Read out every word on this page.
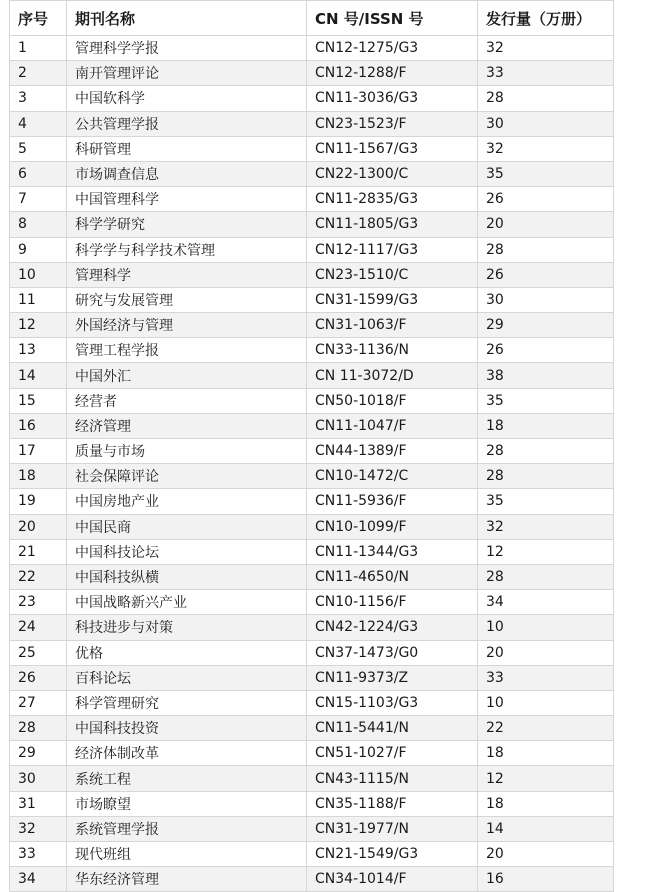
序号	期刊名称	CN 号/ISSN 号	发行量（万册）
1	管理科学学报	CN12-1275/G3	32
2	南开管理评论	CN12-1288/F	33
3	中国软科学	CN11-3036/G3	28
4	公共管理学报	CN23-1523/F	30
5	科研管理	CN11-1567/G3	32
6	市场调查信息	CN22-1300/C	35
7	中国管理科学	CN11-2835/G3	26
8	科学学研究	CN11-1805/G3	20
9	科学学与科学技术管理	CN12-1117/G3	28
10	管理科学	CN23-1510/C	26
11	研究与发展管理	CN31-1599/G3	30
12	外国经济与管理	CN31-1063/F	29
13	管理工程学报	CN33-1136/N	26
14	中国外汇	CN 11-3072/D	38
15	经营者	CN50-1018/F	35
16	经济管理	CN11-1047/F	18
17	质量与市场	CN44-1389/F	28
18	社会保障评论	CN10-1472/C	28
19	中国房地产业	CN11-5936/F	35
20	中国民商	CN10-1099/F	32
21	中国科技论坛	CN11-1344/G3	12
22	中国科技纵横	CN11-4650/N	28
23	中国战略新兴产业	CN10-1156/F	34
24	科技进步与对策	CN42-1224/G3	10
25	优格	CN37-1473/G0	20
26	百科论坛	CN11-9373/Z	33
27	科学管理研究	CN15-1103/G3	10
28	中国科技投资	CN11-5441/N	22
29	经济体制改革	CN51-1027/F	18
30	系统工程	CN43-1115/N	12
31	市场瞭望	CN35-1188/F	18
32	系统管理学报	CN31-1977/N	14
33	现代班组	CN21-1549/G3	20
34	华东经济管理	CN34-1014/F	16
